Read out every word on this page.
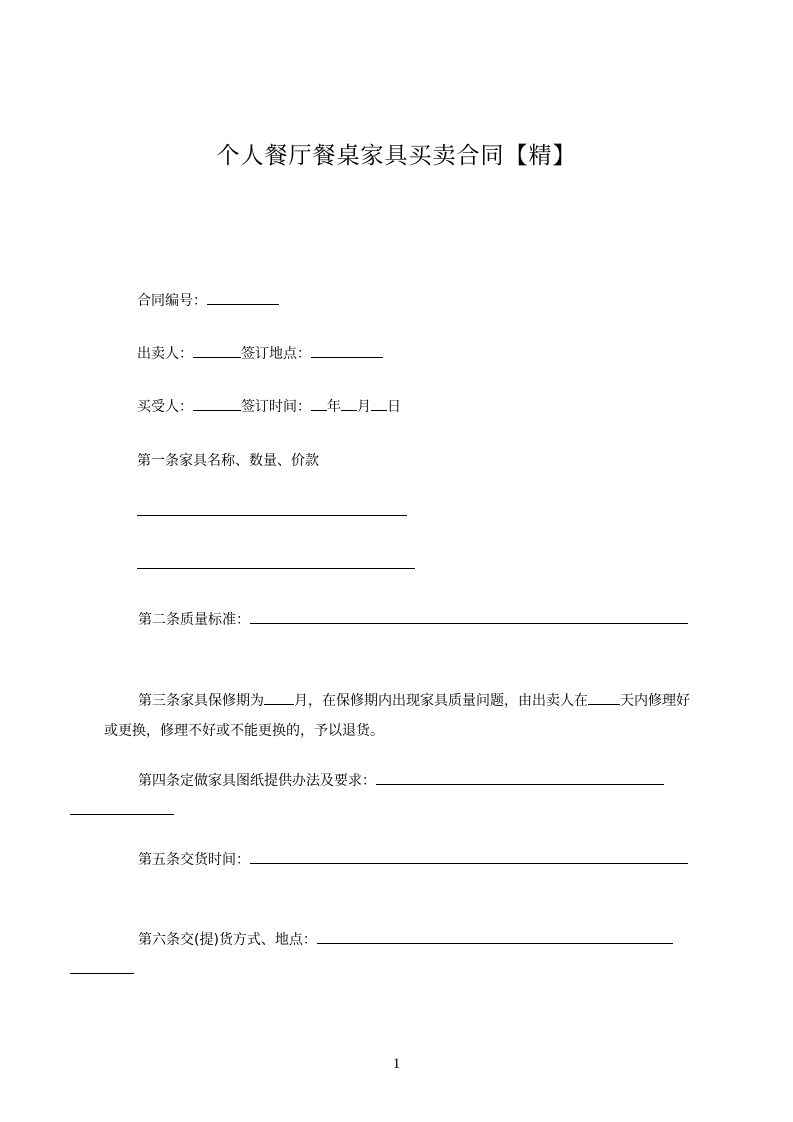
个人餐厅餐桌家具买卖合同【精】
合同编号：
出卖人：	签订地点：
买受人：	签订时间： 年 月 日
第一条家具名称、数量、价款
第二条质量标准：
第三条家具保修期为 月，在保修期内出现家具质量问题，由出卖人在 天内修理好或更换，修理不好或不能更换的，予以退货。
第四条定做家具图纸提供办法及要求：
第五条交货时间：
第六条交(提)货方式、地点：
1
